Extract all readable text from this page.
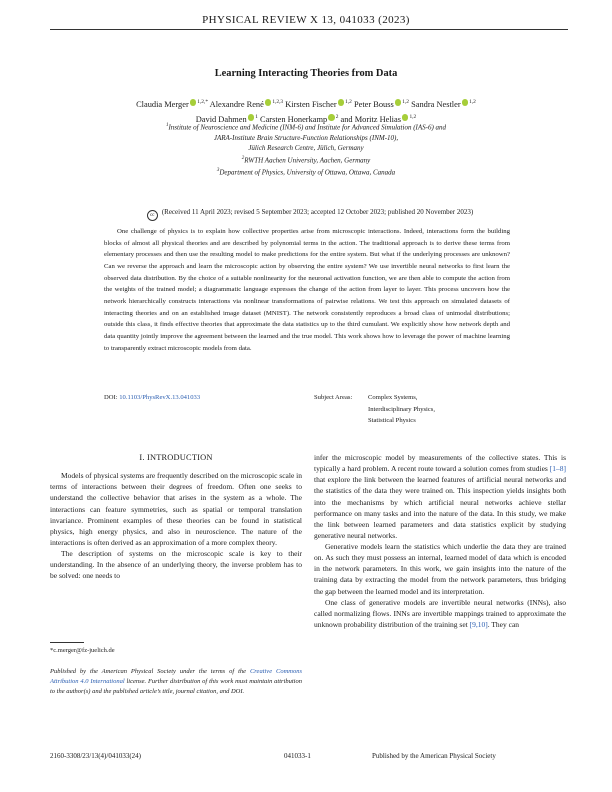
PHYSICAL REVIEW X 13, 041033 (2023)
Learning Interacting Theories from Data
Claudia Merger $^{1,2,*}$ Alexandre René $^{1,2,3}$ Kirsten Fischer $^{1,2}$ Peter Bouss $^{1,2}$ Sandra Nestler $^{1,2}$
David Dahmen $^1$ Carsten Honerkamp $^2$ and Moritz Helias $^{1,2}$
$^1$Institute of Neuroscience and Medicine (INM-6) and Institute for Advanced Simulation (IAS-6) and
JARA-Institute Brain Structure-Function Relationships (INM-10),
Jülich Research Centre, Jülich, Germany
$^2$RWTH Aachen University, Aachen, Germany
$^3$Department of Physics, University of Ottawa, Ottawa, Canada
cc (Received 11 April 2023; revised 5 September 2023; accepted 12 October 2023; published 20 November 2023)

One challenge of physics is to explain how collective properties arise from microscopic interactions. Indeed, interactions form the building blocks of almost all physical theories and are described by polynomial terms in the action. The traditional approach is to derive these terms from elementary processes and then use the resulting model to make predictions for the entire system. But what if the underlying processes are unknown? Can we reverse the approach and learn the microscopic action by observing the entire system? We use invertible neural networks to first learn the observed data distribution. By the choice of a suitable nonlinearity for the neuronal activation function, we are then able to compute the action from the weights of the trained model; a diagrammatic language expresses the change of the action from layer to layer. This process uncovers how the network hierarchically constructs interactions via nonlinear transformations of pairwise relations. We test this approach on simulated datasets of interacting theories and on an established image dataset (MNIST). The network consistently reproduces a broad class of unimodal distributions; outside this class, it finds effective theories that approximate the data statistics up to the third cumulant. We explicitly show how network depth and data quantity jointly improve the agreement between the learned and the true model. This work shows how to leverage the power of machine learning to transparently extract microscopic models from data.

DOI: 10.1103/PhysRevX.13.041033	Subject Areas: Complex Systems,
Interdisciplinary Physics,
Statistical Physics
I. INTRODUCTION

Models of physical systems are frequently described on the microscopic scale in terms of interactions between their degrees of freedom. Often one seeks to understand the collective behavior that arises in the system as a whole. The interactions can feature symmetries, such as spatial or temporal translation invariance. Prominent examples of these theories can be found in statistical physics, high energy physics, and also in neuroscience. The nature of the interactions is often derived as an approximation of a more complex theory.

The description of systems on the microscopic scale is key to their understanding. In the absence of an underlying theory, the inverse problem has to be solved: one needs to

infer the microscopic model by measurements of the collective states. This is typically a hard problem. A recent route toward a solution comes from studies [1–8] that explore the link between the learned features of artificial neural networks and the statistics of the data they were trained on. This inspection yields insights both into the mechanisms by which artificial neural networks achieve stellar performance on many tasks and into the nature of the data. In this study, we make the link between learned parameters and data statistics explicit by studying generative neural networks.

Generative models learn the statistics which underlie the data they are trained on. As such they must possess an internal, learned model of data which is encoded in the network parameters. In this work, we gain insights into the nature of the training data by extracting the model from the network parameters, thus bridging the gap between the learned model and its interpretation.

One class of generative models are invertible neural networks (INNs), also called normalizing flows. INNs are invertible mappings trained to approximate the unknown probability distribution of the training set [9,10]. They can

*c.merger@fz-juelich.de
Published by the American Physical Society under the terms of the Creative Commons Attribution 4.0 International license. Further distribution of this work must maintain attribution to the author(s) and the published article’s title, journal citation, and DOI.
2160-3308/23/13(4)/041033(24)	041033-1	Published by the American Physical Society
